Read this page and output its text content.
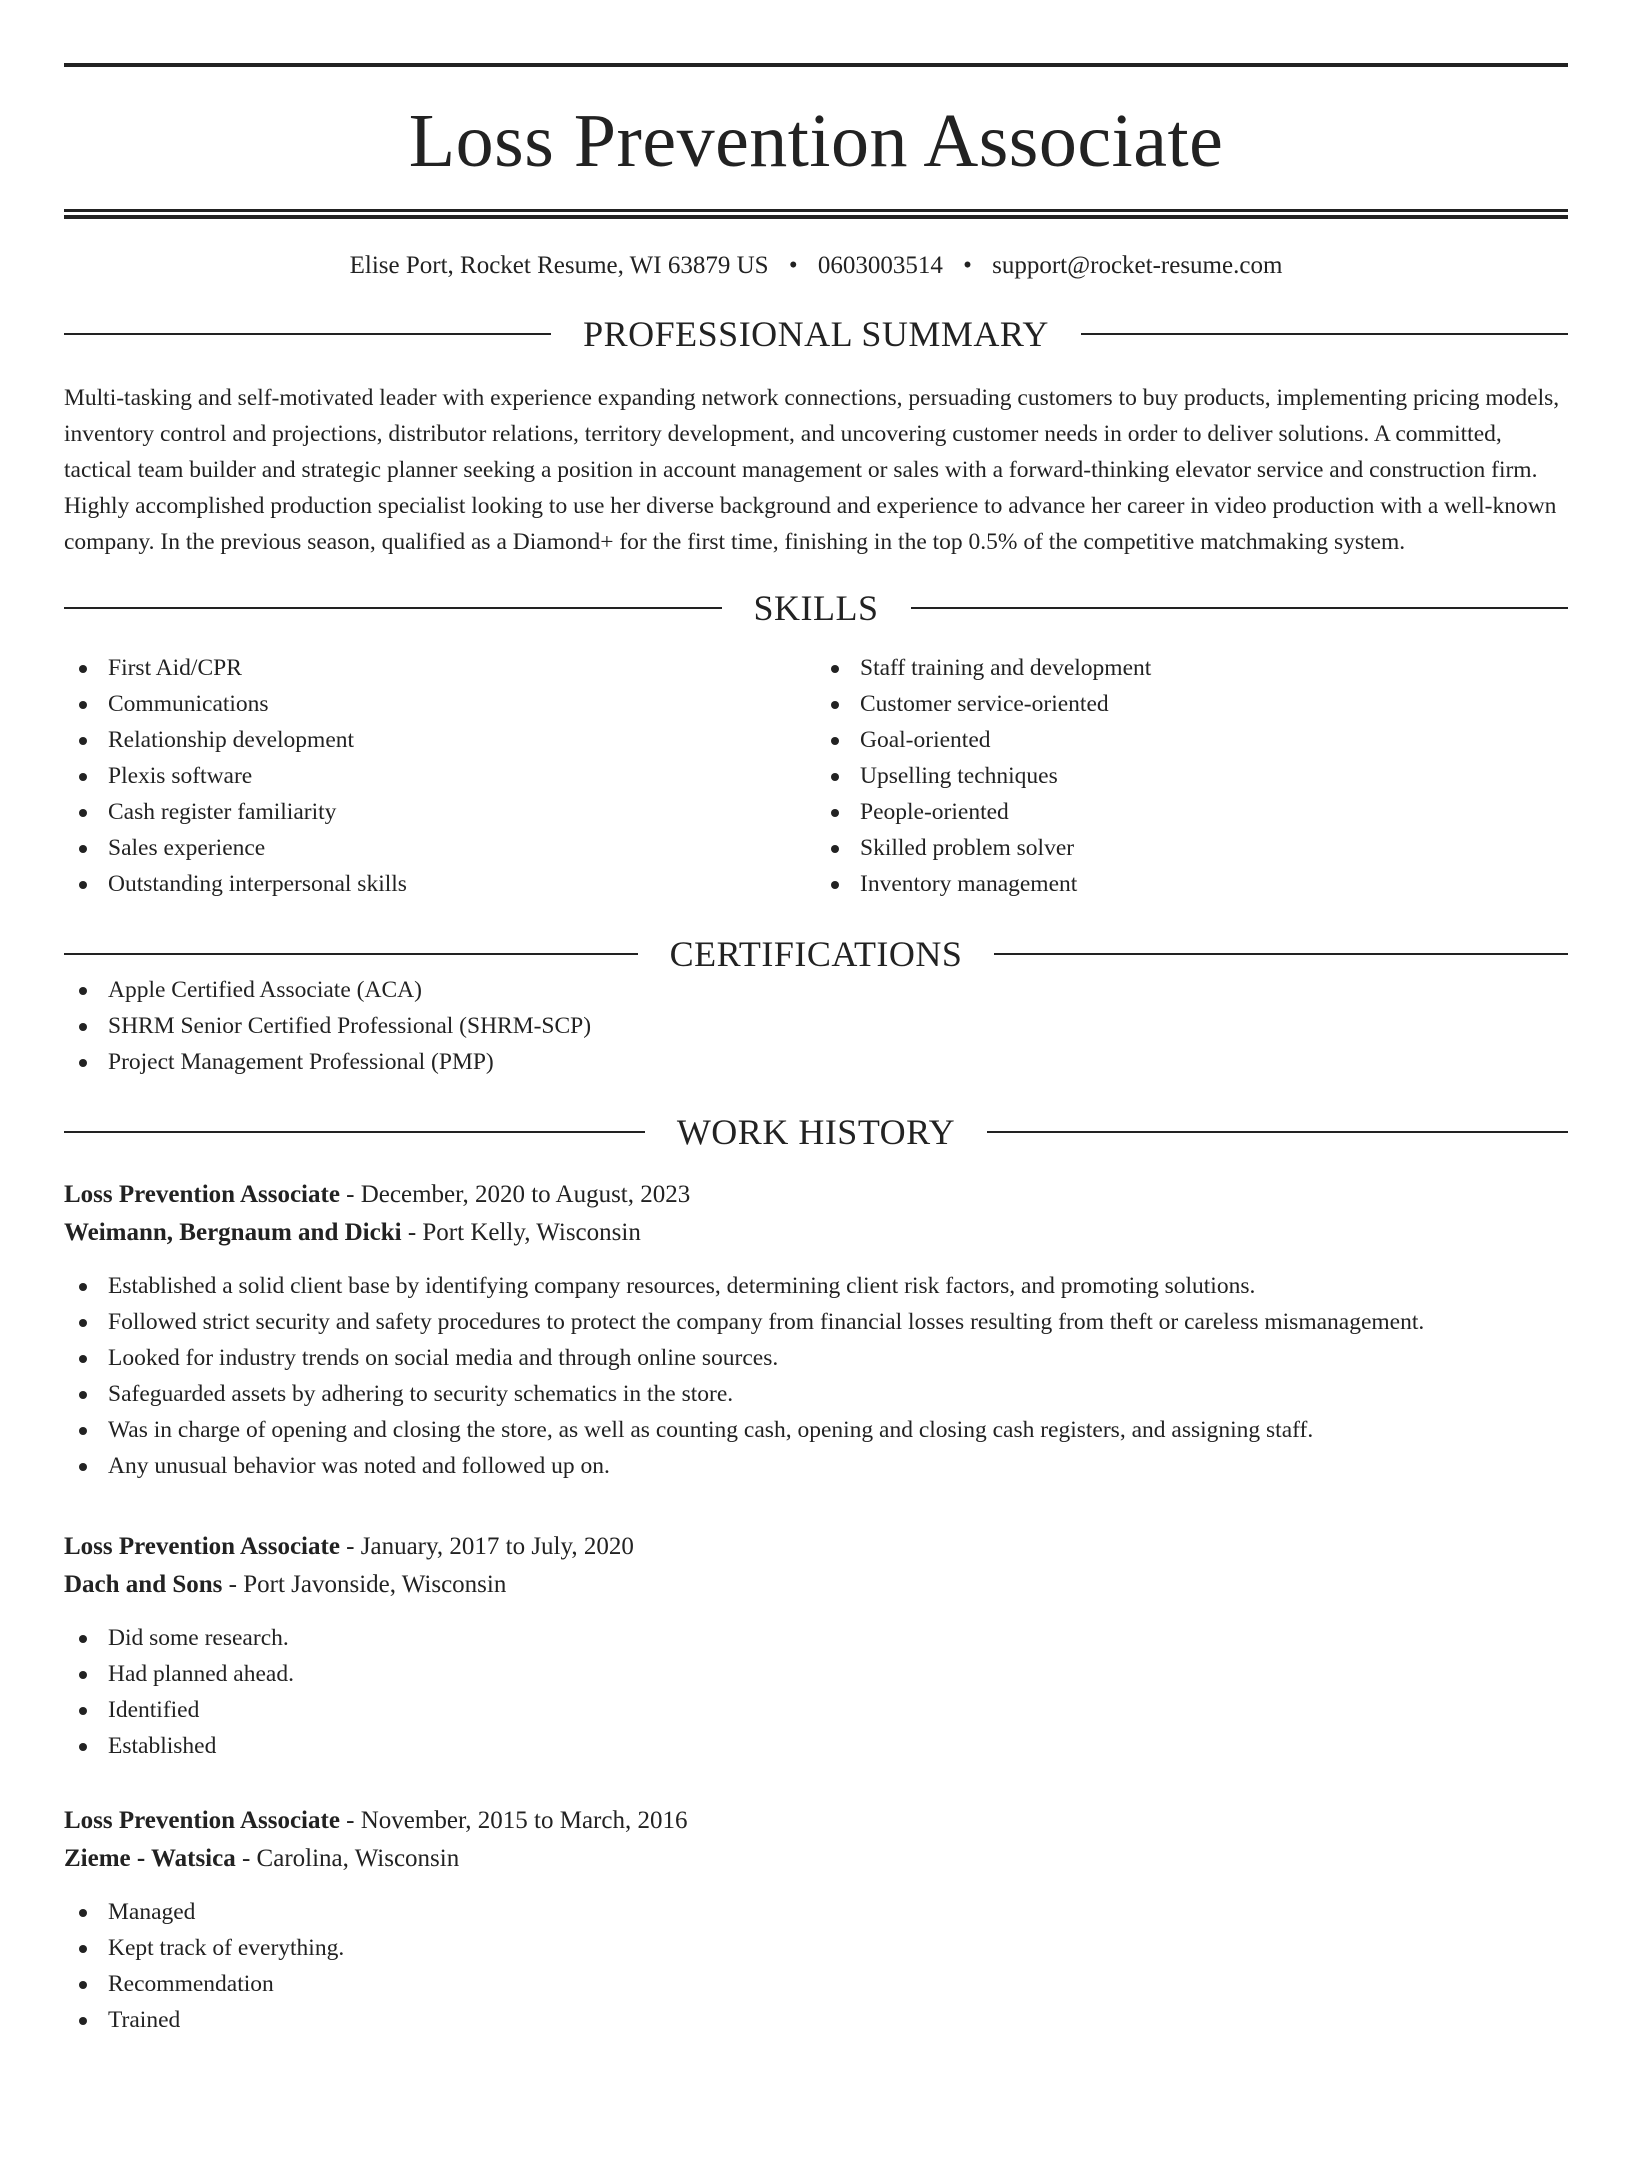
Loss Prevention Associate
Elise Port, Rocket Resume, WI 63879 US • 0603003514 • support@rocket-resume.com
PROFESSIONAL SUMMARY
Multi-tasking and self-motivated leader with experience expanding network connections, persuading customers to buy products, implementing pricing models, inventory control and projections, distributor relations, territory development, and uncovering customer needs in order to deliver solutions. A committed, tactical team builder and strategic planner seeking a position in account management or sales with a forward-thinking elevator service and construction firm. Highly accomplished production specialist looking to use her diverse background and experience to advance her career in video production with a well-known company. In the previous season, qualified as a Diamond+ for the first time, finishing in the top 0.5% of the competitive matchmaking system.
SKILLS
First Aid/CPR
Communications
Relationship development
Plexis software
Cash register familiarity
Sales experience
Outstanding interpersonal skills
Staff training and development
Customer service-oriented
Goal-oriented
Upselling techniques
People-oriented
Skilled problem solver
Inventory management
CERTIFICATIONS
Apple Certified Associate (ACA)
SHRM Senior Certified Professional (SHRM-SCP)
Project Management Professional (PMP)
WORK HISTORY
Loss Prevention Associate - December, 2020 to August, 2023
Weimann, Bergnaum and Dicki - Port Kelly, Wisconsin
Established a solid client base by identifying company resources, determining client risk factors, and promoting solutions.
Followed strict security and safety procedures to protect the company from financial losses resulting from theft or careless mismanagement.
Looked for industry trends on social media and through online sources.
Safeguarded assets by adhering to security schematics in the store.
Was in charge of opening and closing the store, as well as counting cash, opening and closing cash registers, and assigning staff.
Any unusual behavior was noted and followed up on.
Loss Prevention Associate - January, 2017 to July, 2020
Dach and Sons - Port Javonside, Wisconsin
Did some research.
Had planned ahead.
Identified
Established
Loss Prevention Associate - November, 2015 to March, 2016
Zieme - Watsica - Carolina, Wisconsin
Managed
Kept track of everything.
Recommendation
Trained
